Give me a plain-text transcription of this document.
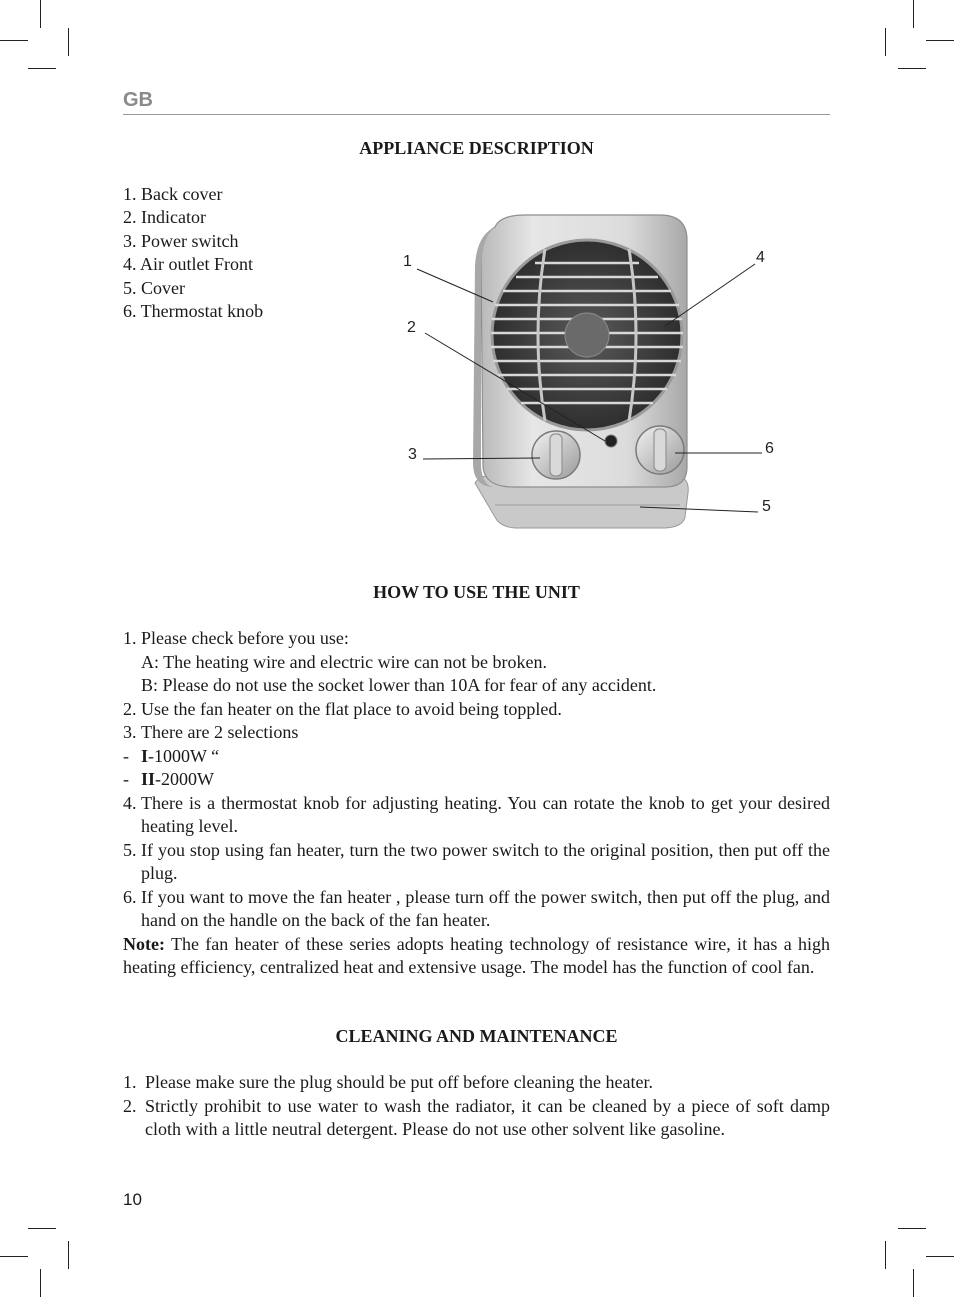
GB
APPLIANCE DESCRIPTION
1. Back cover
2. Indicator
3. Power switch
4. Air outlet Front
5. Cover
6. Thermostat knob
1
2
3
4
5
6
HOW TO USE THE UNIT
1. Please check before you use:
A: The heating wire and electric wire can not be broken.
B: Please do not use the socket lower than 10A for fear of any accident.
2. Use the fan heater on the flat place to avoid being toppled.
3. There are 2 selections
- I-1000W “
- II-2000W
4. There is a thermostat knob for adjusting heating. You can rotate the knob to get your desired heating level.
5. If you stop using fan heater, turn the two power switch to the original position, then put off the plug.
6. If you want to move the fan heater , please turn off the power switch, then put off the plug, and hand on the handle on the back of the fan heater.
Note: The fan heater of these series adopts heating technology of resistance wire, it has a high heating efficiency, centralized heat and extensive usage. The model has the function of cool fan.
CLEANING AND MAINTENANCE
1. Please make sure the plug should be put off before cleaning the heater.
2. Strictly prohibit to use water to wash the radiator, it can be cleaned by a piece of soft damp cloth with a little neutral detergent. Please do not use other solvent like gasoline.
10
